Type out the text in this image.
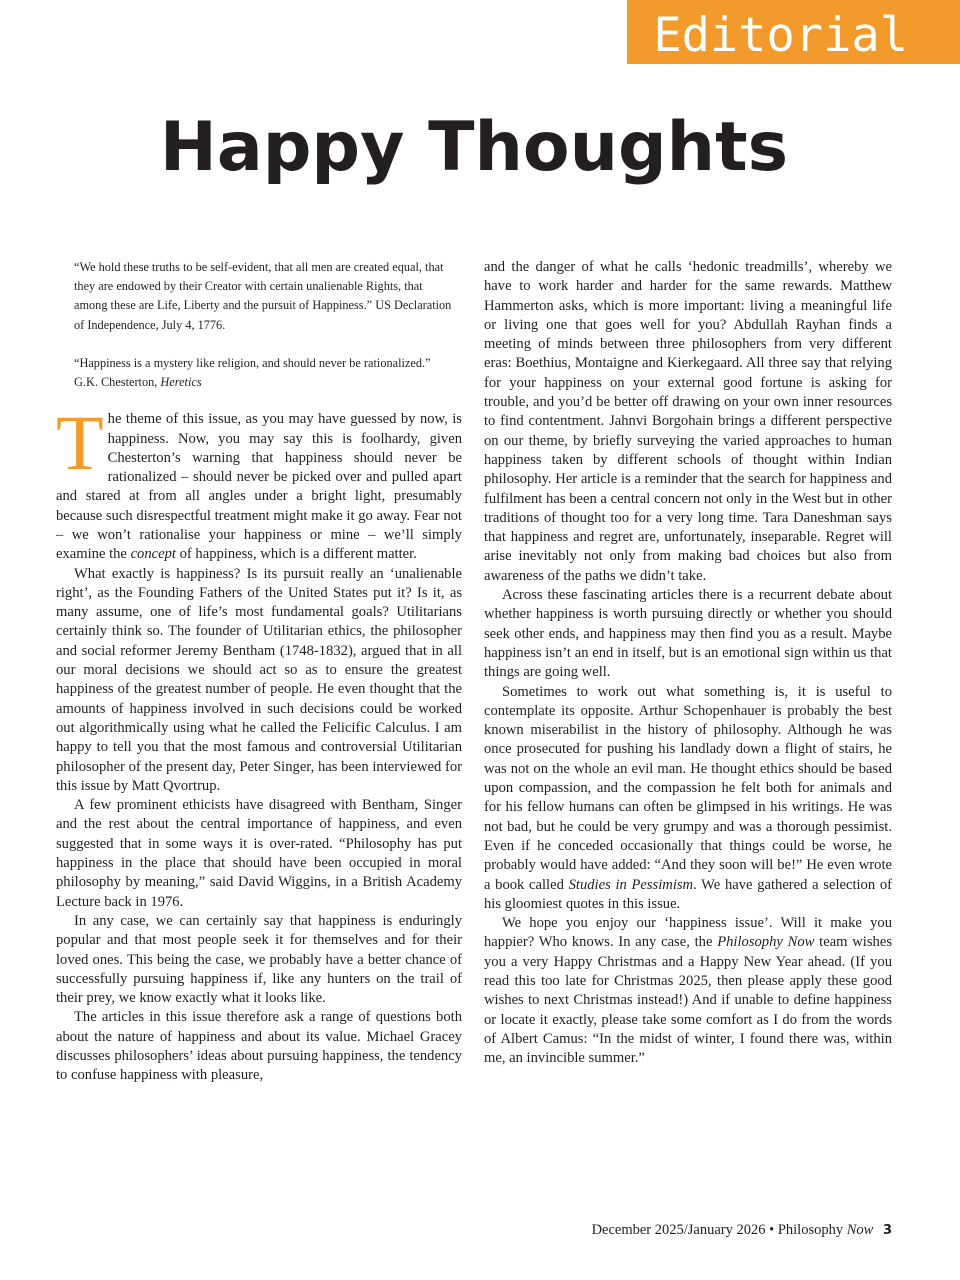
Editorial
Happy Thoughts

“We hold these truths to be self-evident, that all men are created equal, that they are endowed by their Creator with certain unalienable Rights, that among these are Life, Liberty and the pursuit of Happiness.” US Declaration of Independence, July 4, 1776.

“Happiness is a mystery like religion, and should never be rationalized.” G.K. Chesterton, Heretics

The theme of this issue, as you may have guessed by now, is happiness. Now, you may say this is foolhardy, given Chesterton’s warning that happiness should never be rationalized – should never be picked over and pulled apart and stared at from all angles under a bright light, presumably because such disrespectful treatment might make it go away. Fear not – we won’t rationalise your happiness or mine – we’ll simply examine the concept of happiness, which is a different matter.

What exactly is happiness? Is its pursuit really an ‘unalienable right’, as the Founding Fathers of the United States put it? Is it, as many assume, one of life’s most fundamental goals? Utilitarians certainly think so. The founder of Utilitarian ethics, the philosopher and social reformer Jeremy Bentham (1748-1832), argued that in all our moral decisions we should act so as to ensure the greatest happiness of the greatest number of people. He even thought that the amounts of happiness involved in such decisions could be worked out algorithmically using what he called the Felicific Calculus. I am happy to tell you that the most famous and controversial Utilitarian philosopher of the present day, Peter Singer, has been interviewed for this issue by Matt Qvortrup.

A few prominent ethicists have disagreed with Bentham, Singer and the rest about the central importance of happiness, and even suggested that in some ways it is over-rated. “Philosophy has put happiness in the place that should have been occupied in moral philosophy by meaning,” said David Wiggins, in a British Academy Lecture back in 1976.

In any case, we can certainly say that happiness is enduringly popular and that most people seek it for themselves and for their loved ones. This being the case, we probably have a better chance of successfully pursuing happiness if, like any hunters on the trail of their prey, we know exactly what it looks like.

The articles in this issue therefore ask a range of questions both about the nature of happiness and about its value. Michael Gracey discusses philosophers’ ideas about pursuing happiness, the tendency to confuse happiness with pleasure,

and the danger of what he calls ‘hedonic treadmills’, whereby we have to work harder and harder for the same rewards. Matthew Hammerton asks, which is more important: living a meaningful life or living one that goes well for you? Abdullah Rayhan finds a meeting of minds between three philosophers from very different eras: Boethius, Montaigne and Kierkegaard. All three say that relying for your happiness on your external good fortune is asking for trouble, and you’d be better off drawing on your own inner resources to find contentment. Jahnvi Borgohain brings a different perspective on our theme, by briefly surveying the varied approaches to human happiness taken by different schools of thought within Indian philosophy. Her article is a reminder that the search for happiness and fulfilment has been a central concern not only in the West but in other traditions of thought too for a very long time. Tara Daneshman says that happiness and regret are, unfortunately, inseparable. Regret will arise inevitably not only from making bad choices but also from awareness of the paths we didn’t take.

Across these fascinating articles there is a recurrent debate about whether happiness is worth pursuing directly or whether you should seek other ends, and happiness may then find you as a result. Maybe happiness isn’t an end in itself, but is an emotional sign within us that things are going well.

Sometimes to work out what something is, it is useful to contemplate its opposite. Arthur Schopenhauer is probably the best known miserabilist in the history of philosophy. Although he was once prosecuted for pushing his landlady down a flight of stairs, he was not on the whole an evil man. He thought ethics should be based upon compassion, and the compassion he felt both for animals and for his fellow humans can often be glimpsed in his writings. He was not bad, but he could be very grumpy and was a thorough pessimist. Even if he conceded occasionally that things could be worse, he probably would have added: “And they soon will be!” He even wrote a book called Studies in Pessimism. We have gathered a selection of his gloomiest quotes in this issue.

We hope you enjoy our ‘happiness issue’. Will it make you happier? Who knows. In any case, the Philosophy Now team wishes you a very Happy Christmas and a Happy New Year ahead. (If you read this too late for Christmas 2025, then please apply these good wishes to next Christmas instead!) And if unable to define happiness or locate it exactly, please take some comfort as I do from the words of Albert Camus: “In the midst of winter, I found there was, within me, an invincible summer.”

December 2025/January 2026 • Philosophy Now 3
